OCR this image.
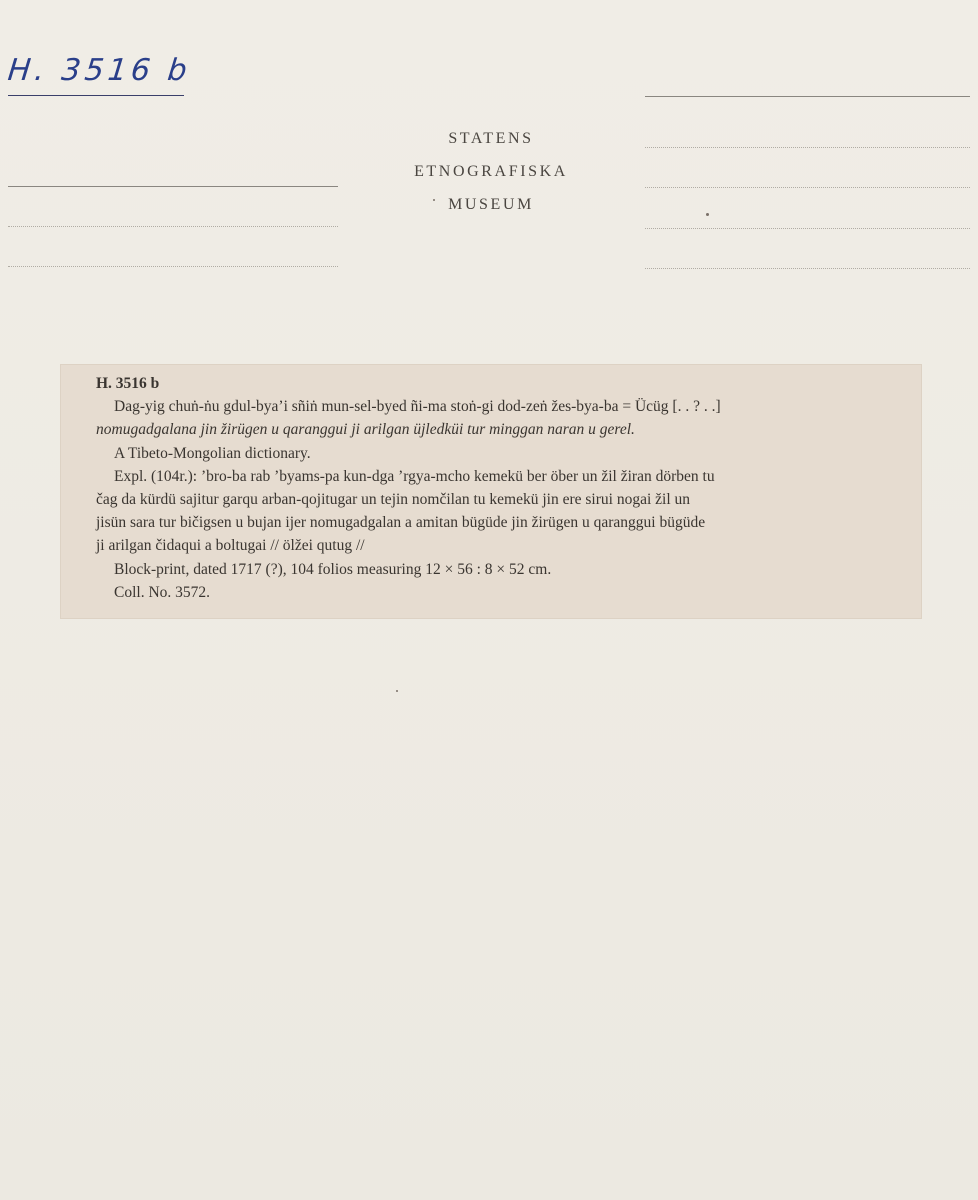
H. 3516 b
STATENS
ETNOGRAFISKA
MUSEUM

H. 3516 b

Dag-yig chuṅ-ṅu gdul-bya’i sñiṅ mun-sel-byed ñi-ma stoṅ-gi dod-zeṅ žes-bya-ba = Ücüg [. . ? . .]

nomugadgalana jin žirügen u qaranggui ji arilgan üjledküi tur minggan naran u gerel.

A Tibeto-Mongolian dictionary.

Expl. (104r.): ’bro-ba rab ’byams-pa kun-dga ’rgya-mcho kemekü ber öber un žil žiran dörben tu

čag da kürdü sajitur garqu arban-qojitugar un tejin nomčilan tu kemekü jin ere sirui nogai žil un

jisün sara tur bičigsen u bujan ijer nomugadgalan a amitan bügüde jin žirügen u qaranggui bügüde

ji arilgan čidaqui a boltugai // ölžei qutug //

Block-print, dated 1717 (?), 104 folios measuring 12 × 56 : 8 × 52 cm.

Coll. No. 3572.
